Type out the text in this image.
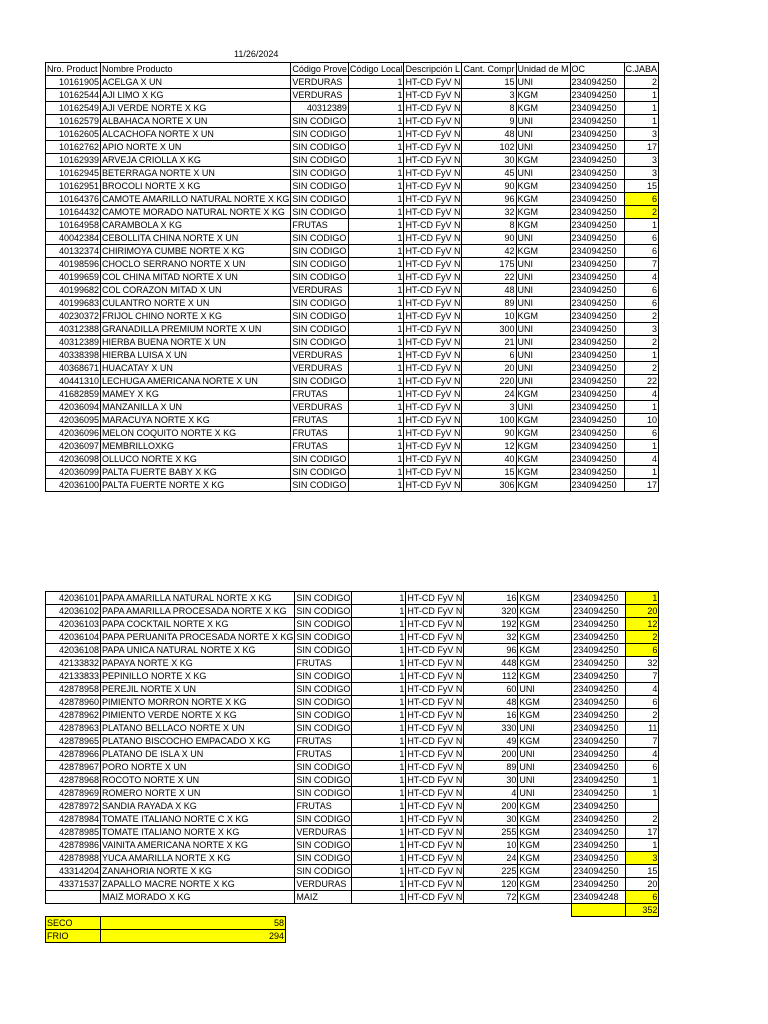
11/26/2024
Nro. Product	Nombre Producto	Código Prove	Código Local	Descripción L	Cant. Compr	Unidad de M	OC	C.JABA
10161905	ACELGA X UN	VERDURAS	1	HT-CD FyV N	15	UNI	234094250	2
10162544	AJI LIMO X KG	VERDURAS	1	HT-CD FyV N	3	KGM	234094250	1
10162549	AJI VERDE NORTE X KG	40312389	1	HT-CD FyV N	8	KGM	234094250	1
10162579	ALBAHACA NORTE X UN	SIN CODIGO	1	HT-CD FyV N	9	UNI	234094250	1
10162605	ALCACHOFA NORTE X UN	SIN CODIGO	1	HT-CD FyV N	48	UNI	234094250	3
10162762	APIO NORTE X UN	SIN CODIGO	1	HT-CD FyV N	102	UNI	234094250	17
10162939	ARVEJA CRIOLLA X KG	SIN CODIGO	1	HT-CD FyV N	30	KGM	234094250	3
10162945	BETERRAGA NORTE X UN	SIN CODIGO	1	HT-CD FyV N	45	UNI	234094250	3
10162951	BROCOLI NORTE X KG	SIN CODIGO	1	HT-CD FyV N	90	KGM	234094250	15
10164376	CAMOTE AMARILLO NATURAL NORTE X KG	SIN CODIGO	1	HT-CD FyV N	96	KGM	234094250	6
10164432	CAMOTE MORADO NATURAL NORTE X KG	SIN CODIGO	1	HT-CD FyV N	32	KGM	234094250	2
10164958	CARAMBOLA X KG	FRUTAS	1	HT-CD FyV N	8	KGM	234094250	1
40042384	CEBOLLITA CHINA NORTE X UN	SIN CODIGO	1	HT-CD FyV N	90	UNI	234094250	6
40132374	CHIRIMOYA CUMBE NORTE X KG	SIN CODIGO	1	HT-CD FyV N	42	KGM	234094250	6
40198596	CHOCLO SERRANO NORTE X UN	SIN CODIGO	1	HT-CD FyV N	175	UNI	234094250	7
40199659	COL CHINA MITAD NORTE X UN	SIN CODIGO	1	HT-CD FyV N	22	UNI	234094250	4
40199682	COL CORAZON MITAD X UN	VERDURAS	1	HT-CD FyV N	48	UNI	234094250	6
40199683	CULANTRO NORTE X UN	SIN CODIGO	1	HT-CD FyV N	89	UNI	234094250	6
40230372	FRIJOL CHINO NORTE X KG	SIN CODIGO	1	HT-CD FyV N	10	KGM	234094250	2
40312388	GRANADILLA PREMIUM NORTE X UN	SIN CODIGO	1	HT-CD FyV N	300	UNI	234094250	3
40312389	HIERBA BUENA NORTE X UN	SIN CODIGO	1	HT-CD FyV N	21	UNI	234094250	2
40338398	HIERBA LUISA X UN	VERDURAS	1	HT-CD FyV N	6	UNI	234094250	1
40368671	HUACATAY X UN	VERDURAS	1	HT-CD FyV N	20	UNI	234094250	2
40441310	LECHUGA AMERICANA NORTE X UN	SIN CODIGO	1	HT-CD FyV N	220	UNI	234094250	22
41682859	MAMEY X KG	FRUTAS	1	HT-CD FyV N	24	KGM	234094250	4
42036094	MANZANILLA X UN	VERDURAS	1	HT-CD FyV N	3	UNI	234094250	1
42036095	MARACUYA NORTE X KG	FRUTAS	1	HT-CD FyV N	100	KGM	234094250	10
42036096	MELON COQUITO NORTE X KG	FRUTAS	1	HT-CD FyV N	90	KGM	234094250	6
42036097	MEMBRILLOXKG	FRUTAS	1	HT-CD FyV N	12	KGM	234094250	1
42036098	OLLUCO NORTE X KG	SIN CODIGO	1	HT-CD FyV N	40	KGM	234094250	4
42036099	PALTA FUERTE BABY X KG	SIN CODIGO	1	HT-CD FyV N	15	KGM	234094250	1
42036100	PALTA FUERTE NORTE X KG	SIN CODIGO	1	HT-CD FyV N	306	KGM	234094250	17
42036101	PAPA AMARILLA NATURAL NORTE X KG	SIN CODIGO	1	HT-CD FyV N	16	KGM	234094250	1
42036102	PAPA AMARILLA PROCESADA NORTE X KG	SIN CODIGO	1	HT-CD FyV N	320	KGM	234094250	20
42036103	PAPA COCKTAIL NORTE X KG	SIN CODIGO	1	HT-CD FyV N	192	KGM	234094250	12
42036104	PAPA PERUANITA PROCESADA NORTE X KG	SIN CODIGO	1	HT-CD FyV N	32	KGM	234094250	2
42036108	PAPA UNICA NATURAL NORTE X KG	SIN CODIGO	1	HT-CD FyV N	96	KGM	234094250	6
42133832	PAPAYA NORTE X KG	FRUTAS	1	HT-CD FyV N	448	KGM	234094250	32
42133833	PEPINILLO NORTE X KG	SIN CODIGO	1	HT-CD FyV N	112	KGM	234094250	7
42878958	PEREJIL NORTE X UN	SIN CODIGO	1	HT-CD FyV N	60	UNI	234094250	4
42878960	PIMIENTO MORRON NORTE X KG	SIN CODIGO	1	HT-CD FyV N	48	KGM	234094250	6
42878962	PIMIENTO VERDE NORTE X KG	SIN CODIGO	1	HT-CD FyV N	16	KGM	234094250	2
42878963	PLATANO BELLACO NORTE X UN	SIN CODIGO	1	HT-CD FyV N	330	UNI	234094250	11
42878965	PLATANO BISCOCHO EMPACADO X KG	FRUTAS	1	HT-CD FyV N	49	KGM	234094250	7
42878966	PLATANO DE ISLA X UN	FRUTAS	1	HT-CD FyV N	200	UNI	234094250	4
42878967	PORO NORTE X UN	SIN CODIGO	1	HT-CD FyV N	89	UNI	234094250	6
42878968	ROCOTO NORTE X UN	SIN CODIGO	1	HT-CD FyV N	30	UNI	234094250	1
42878969	ROMERO NORTE X UN	SIN CODIGO	1	HT-CD FyV N	4	UNI	234094250	1
42878972	SANDIA RAYADA X KG	FRUTAS	1	HT-CD FyV N	200	KGM	234094250	
42878984	TOMATE ITALIANO NORTE C X KG	SIN CODIGO	1	HT-CD FyV N	30	KGM	234094250	2
42878985	TOMATE ITALIANO NORTE X KG	VERDURAS	1	HT-CD FyV N	255	KGM	234094250	17
42878986	VAINITA AMERICANA NORTE X KG	SIN CODIGO	1	HT-CD FyV N	10	KGM	234094250	1
42878988	YUCA AMARILLA NORTE X KG	SIN CODIGO	1	HT-CD FyV N	24	KGM	234094250	3
43314204	ZANAHORIA NORTE X KG	SIN CODIGO	1	HT-CD FyV N	225	KGM	234094250	15
43371537	ZAPALLO MACRE NORTE X KG	VERDURAS	1	HT-CD FyV N	120	KGM	234094250	20
	MAIZ MORADO X KG	MAIZ	1	HT-CD FyV N	72	KGM	234094248	6
								352
SECO	58
FRIO	294
